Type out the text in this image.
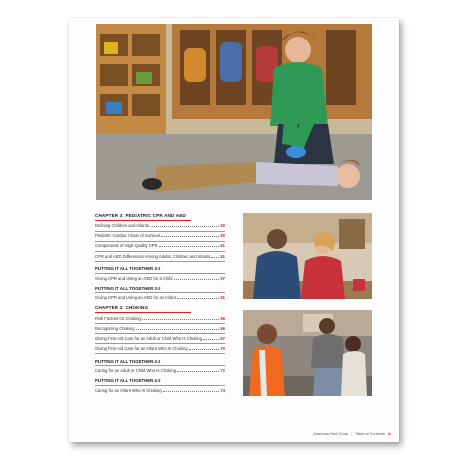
CHAPTER 3: PEDIATRIC CPR AND AED
Defining Children and Infants	50
Pediatric Cardiac Chain of Survival	50
Components of High-Quality CPR	51
CPR and AED Differences Among Adults, Children and Infants 51
PUTTING IT ALL TOGETHER 3-1
Giving CPR and Using an AED for a Child	57
PUTTING IT ALL TOGETHER 3-2
Giving CPR and Using an AED for an Infant	61
CHAPTER 4: CHOKING
Risk Factors for Choking	66
Recognizing Choking	66
Giving First Aid Care for an Adult or Child Who Is Choking	67
Giving First Aid Care for an Infant Who Is Choking	70
PUTTING IT ALL TOGETHER 4-1
Caring for an Adult or Child Who Is Choking	72
PUTTING IT ALL TOGETHER 4-2
Caring for an Infant Who Is Choking	74
American Red Cross | Table of Contents ix
